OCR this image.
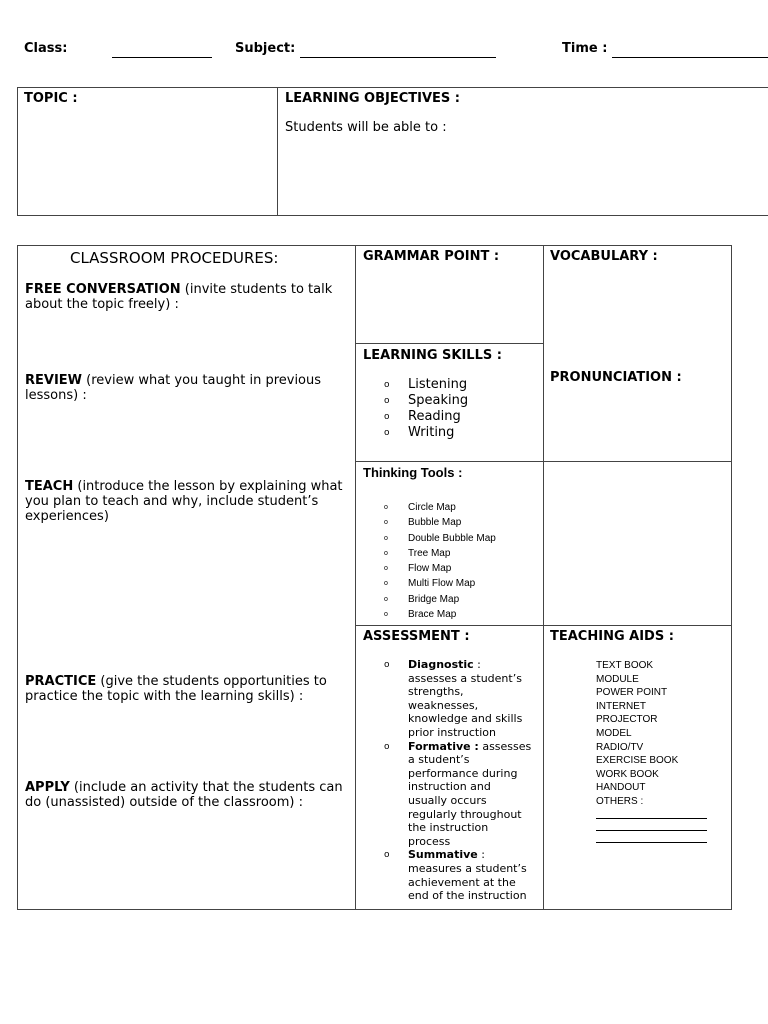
Class:	Subject:	Time :
TOPIC :	LEARNING OBJECTIVES :
Students will be able to :
CLASSROOM PROCEDURES:
FREE CONVERSATION (invite students to talk
about the topic freely) :
REVIEW (review what you taught in previous
lessons) :
TEACH (introduce the lesson by explaining what
you plan to teach and why, include student’s
experiences)
PRACTICE (give the students opportunities to
practice the topic with the learning skills) :
APPLY (include an activity that the students can
do (unassisted) outside of the classroom) :
GRAMMAR POINT :	VOCABULARY :
PRONUNCIATION :
LEARNING SKILLS :
o Listening
o Speaking
o Reading
o Writing
Thinking Tools :
o Circle Map
o Bubble Map
o Double Bubble Map
o Tree Map
o Flow Map
o Multi Flow Map
o Bridge Map
o Brace Map
ASSESSMENT :
o Diagnostic :
assesses a student’s
strengths,
weaknesses,
knowledge and skills
prior instruction
o Formative : assesses
a student’s
performance during
instruction and
usually occurs
regularly throughout
the instruction
process
o Summative :
measures a student’s
achievement at the
end of the instruction
TEACHING AIDS :
TEXT BOOK
MODULE
POWER POINT
INTERNET
PROJECTOR
MODEL
RADIO/TV
EXERCISE BOOK
WORK BOOK
HANDOUT
OTHERS :
